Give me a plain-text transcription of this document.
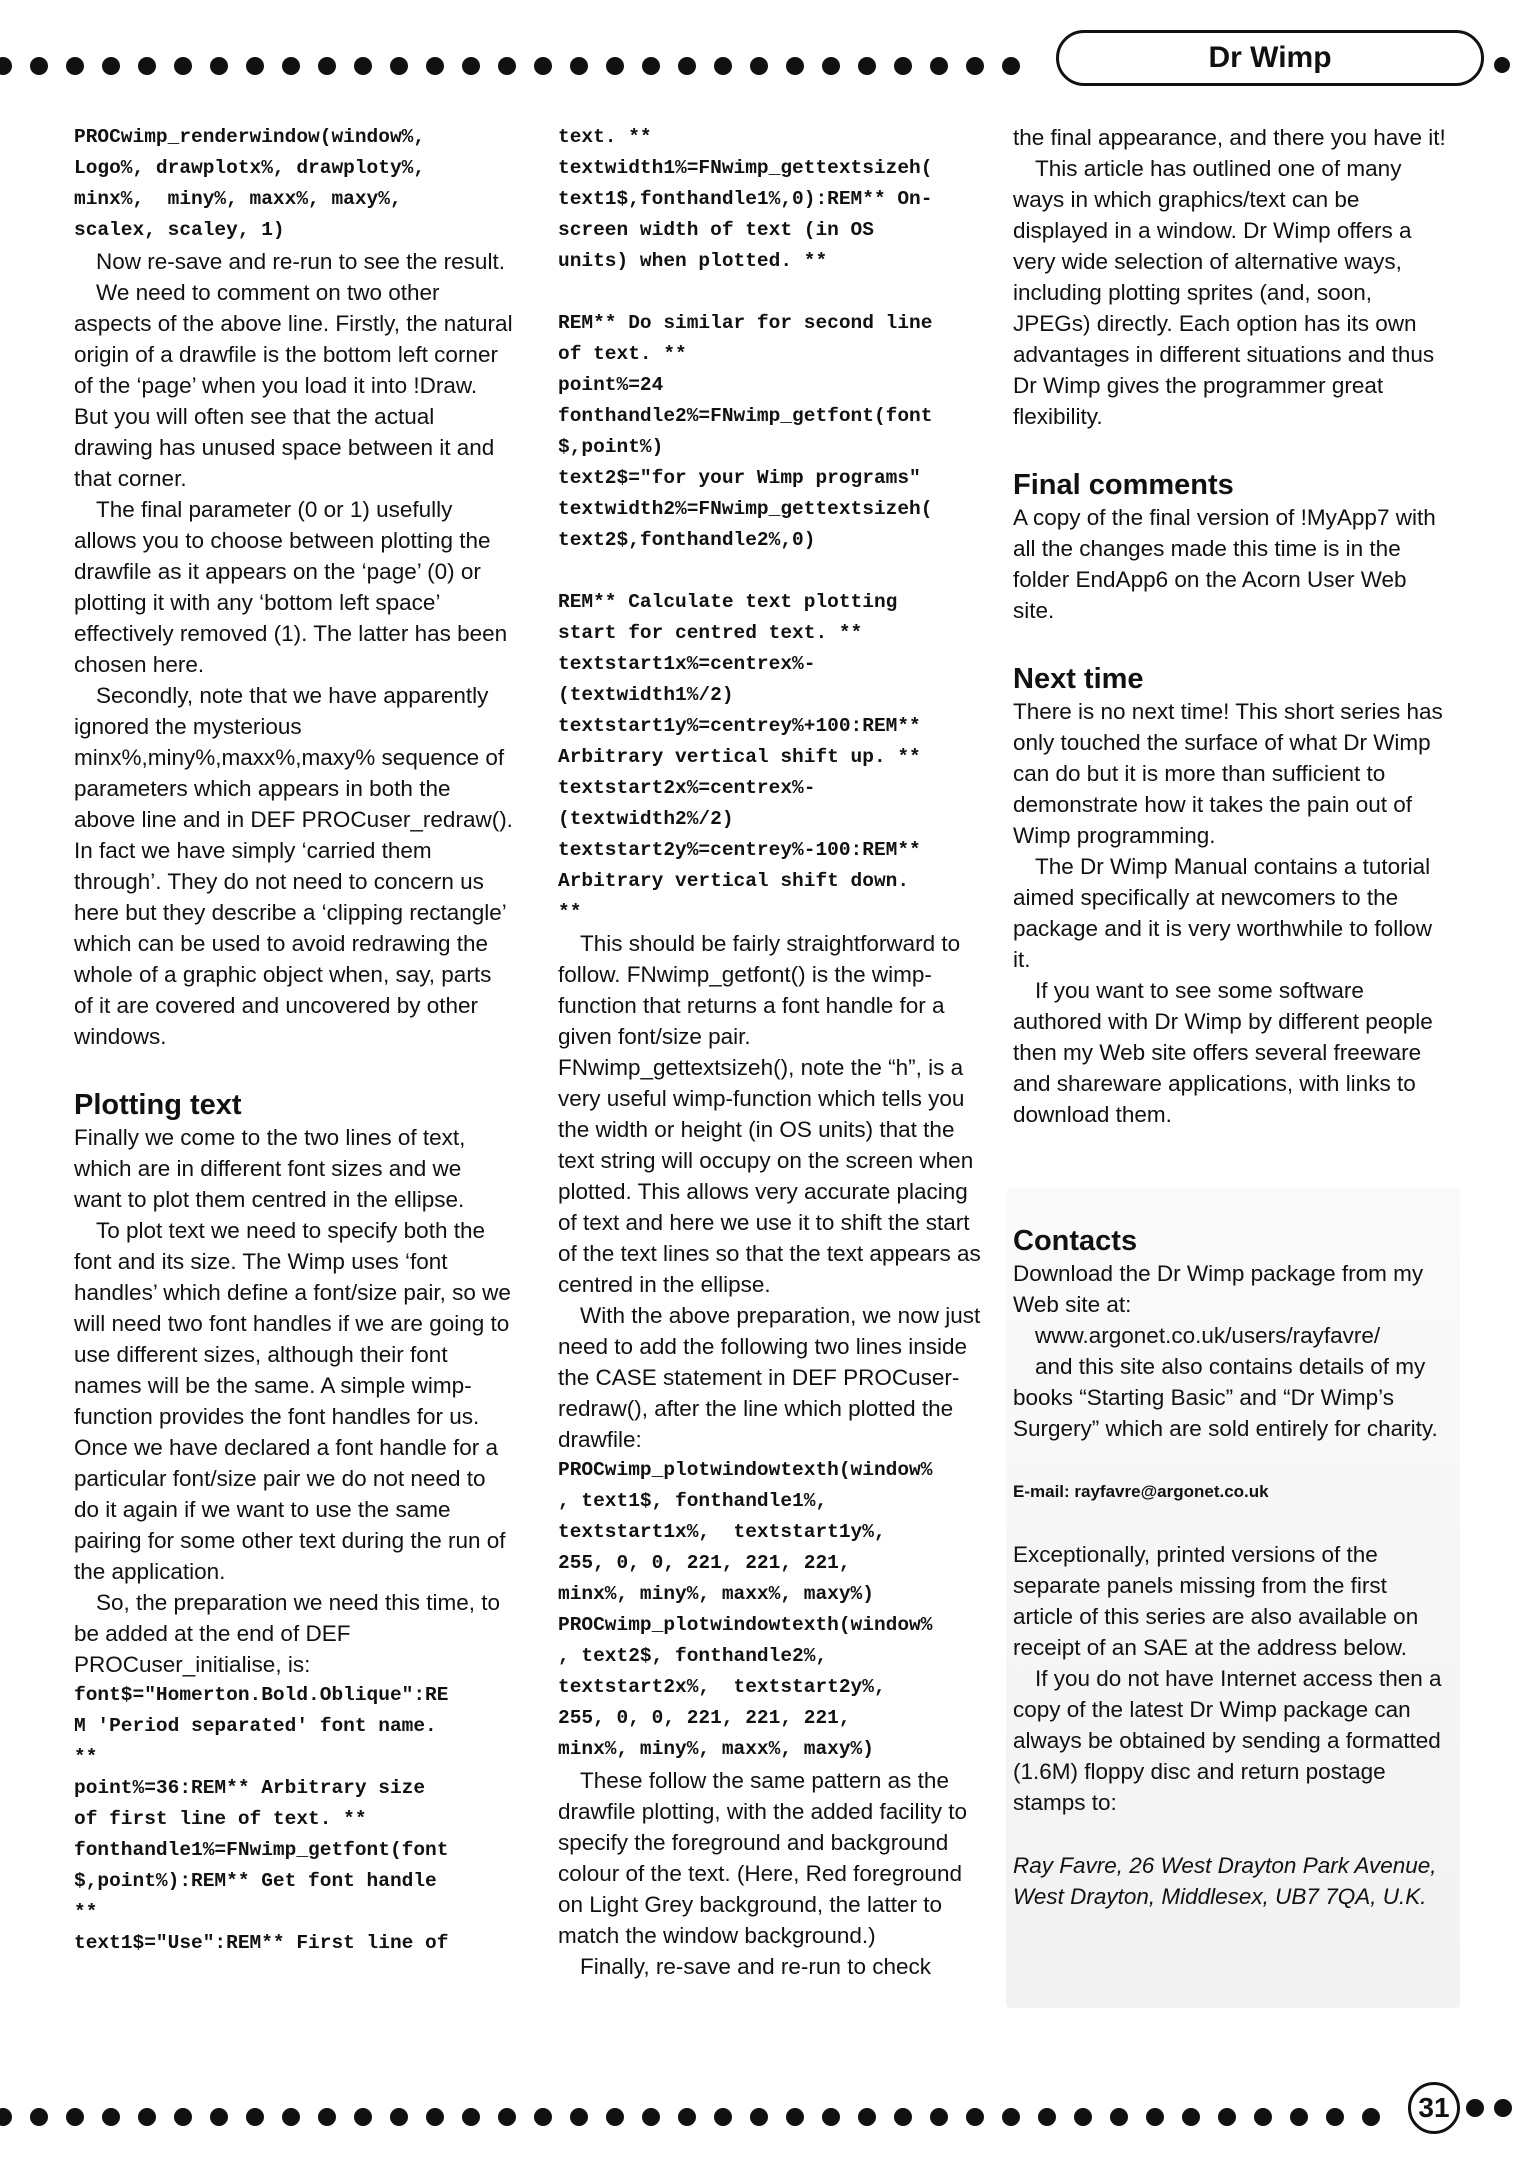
Dr Wimp
PROCwimp_renderwindow(window%,
Logo%, drawplotx%, drawploty%,
minx%,  miny%, maxx%, maxy%,
scalex, scaley, 1)

Now re-save and re-run to see the result.

We need to comment on two other aspects of the above line. Firstly, the natural origin of a drawfile is the bottom left corner of the ‘page’ when you load it into !Draw. But you will often see that the actual drawing has unused space between it and that corner.

The final parameter (0 or 1) usefully allows you to choose between plotting the drawfile as it appears on the ‘page’ (0) or plotting it with any ‘bottom left space’ effectively removed (1). The latter has been chosen here.

Secondly, note that we have apparently ignored the mysterious minx%,miny%,maxx%,maxy% sequence of parameters which appears in both the above line and in DEF PROCuser_redraw(). In fact we have simply ‘carried them through’. They do not need to concern us here but they describe a ‘clipping rectangle’ which can be used to avoid redrawing the whole of a graphic object when, say, parts of it are covered and uncovered by other windows.

Plotting text

Finally we come to the two lines of text, which are in different font sizes and we want to plot them centred in the ellipse.

To plot text we need to specify both the font and its size. The Wimp uses ‘font handles’ which define a font/size pair, so we will need two font handles if we are going to use different sizes, although their font names will be the same. A simple wimp-function provides the font handles for us. Once we have declared a font handle for a particular font/size pair we do not need to do it again if we want to use the same pairing for some other text during the run of the application.

So, the preparation we need this time, to be added at the end of DEF PROCuser_initialise, is:

font$="Homerton.Bold.Oblique":RE
M 'Period separated' font name.
**
point%=36:REM** Arbitrary size
of first line of text. **
fonthandle1%=FNwimp_getfont(font
$,point%):REM** Get font handle
**
text1$="Use":REM** First line of
text. **
textwidth1%=FNwimp_gettextsizeh(
text1$,fonthandle1%,0):REM** On-
screen width of text (in OS
units) when plotted. **
REM** Do similar for second line
of text. **
point%=24
fonthandle2%=FNwimp_getfont(font
$,point%)
text2$="for your Wimp programs"
textwidth2%=FNwimp_gettextsizeh(
text2$,fonthandle2%,0)
REM** Calculate text plotting
start for centred text. **
textstart1x%=centrex%-
(textwidth1%/2)
textstart1y%=centrey%+100:REM**
Arbitrary vertical shift up. **
textstart2x%=centrex%-
(textwidth2%/2)
textstart2y%=centrey%-100:REM**
Arbitrary vertical shift down.
**

This should be fairly straightforward to follow. FNwimp_getfont() is the wimp-function that returns a font handle for a given font/size pair. FNwimp_gettextsizeh(), note the “h”, is a very useful wimp-function which tells you the width or height (in OS units) that the text string will occupy on the screen when plotted. This allows very accurate placing of text and here we use it to shift the start of the text lines so that the text appears as centred in the ellipse.

With the above preparation, we now just need to add the following two lines inside the CASE statement in DEF PROCuser-redraw(), after the line which plotted the drawfile:

PROCwimp_plotwindowtexth(window%
, text1$, fonthandle1%,
textstart1x%,  textstart1y%,
255, 0, 0, 221, 221, 221,
minx%, miny%, maxx%, maxy%)
PROCwimp_plotwindowtexth(window%
, text2$, fonthandle2%,
textstart2x%,  textstart2y%,
255, 0, 0, 221, 221, 221,
minx%, miny%, maxx%, maxy%)

These follow the same pattern as the drawfile plotting, with the added facility to specify the foreground and background colour of the text. (Here, Red foreground on Light Grey background, the latter to match the window background.)

Finally, re-save and re-run to check

the final appearance, and there you have it!

This article has outlined one of many ways in which graphics/text can be displayed in a window. Dr Wimp offers a very wide selection of alternative ways, including plotting sprites (and, soon, JPEGs) directly. Each option has its own advantages in different situations and thus Dr Wimp gives the programmer great flexibility.

Final comments

A copy of the final version of !MyApp7 with all the changes made this time is in the folder EndApp6 on the Acorn User Web site.

Next time

There is no next time! This short series has only touched the surface of what Dr Wimp can do but it is more than sufficient to demonstrate how it takes the pain out of Wimp programming.

The Dr Wimp Manual contains a tutorial aimed specifically at newcomers to the package and it is very worthwhile to follow it.

If you want to see some software authored with Dr Wimp by different people then my Web site offers several freeware and shareware applications, with links to download them.

Contacts

Download the Dr Wimp package from my Web site at:

www.argonet.co.uk/users/rayfavre/

and this site also contains details of my books “Starting Basic” and “Dr Wimp’s Surgery” which are sold entirely for charity.

E-mail: rayfavre@argonet.co.uk

Exceptionally, printed versions of the separate panels missing from the first article of this series are also available on receipt of an SAE at the address below.

If you do not have Internet access then a copy of the latest Dr Wimp package can always be obtained by sending a formatted (1.6M) floppy disc and return postage stamps to:

Ray Favre, 26 West Drayton Park Avenue, West Drayton, Middlesex, UB7 7QA, U.K.

31
